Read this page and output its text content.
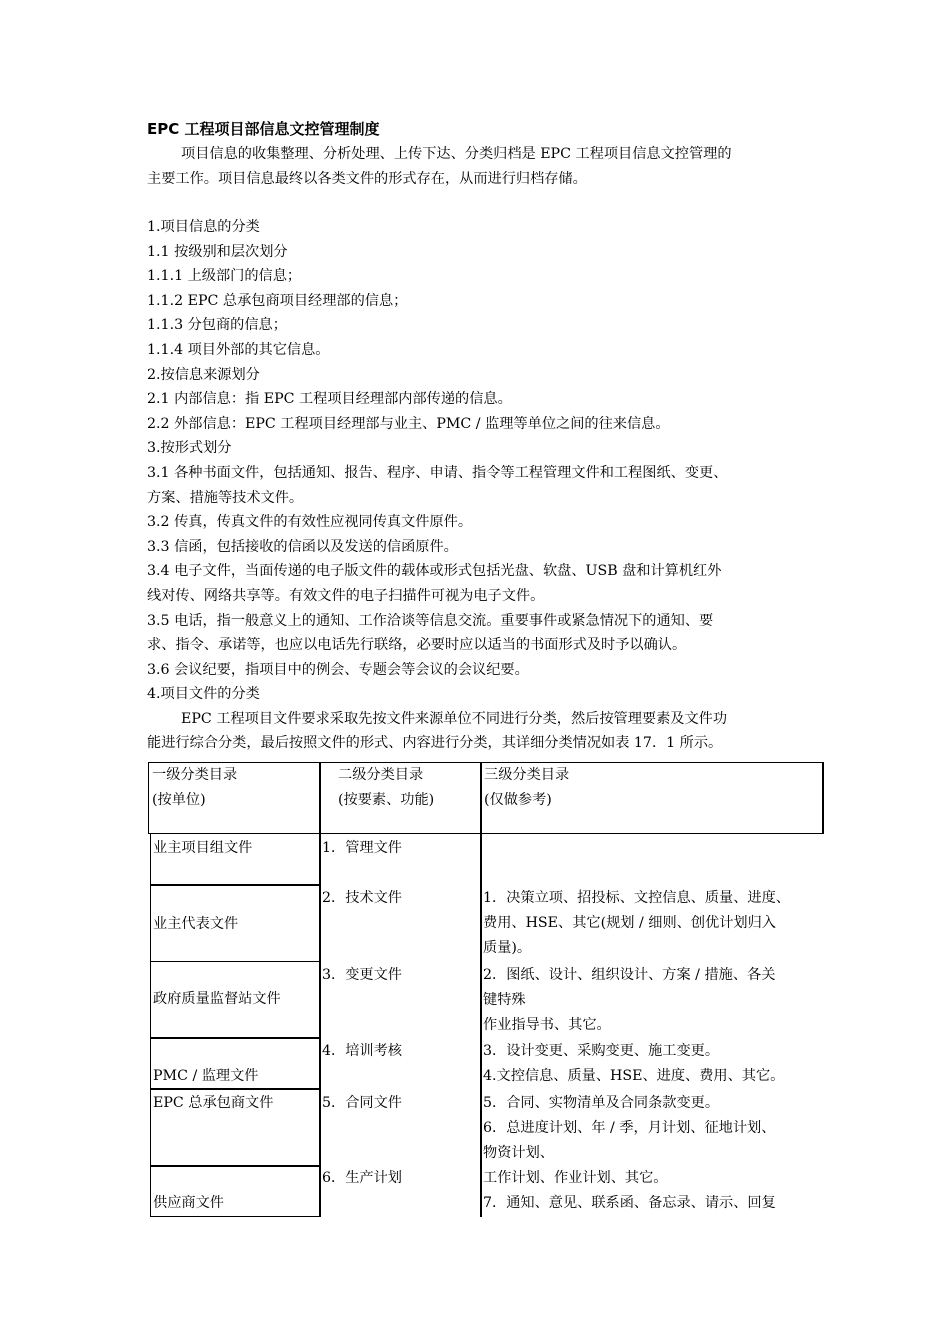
EPC 工程项目部信息文控管理制度
项目信息的收集整理、分析处理、上传下达、分类归档是 EPC 工程项目信息文控管理的
主要工作。项目信息最终以各类文件的形式存在，从而进行归档存储。
1.项目信息的分类
1.1 按级别和层次划分
1.1.1 上级部门的信息；
1.1.2 EPC 总承包商项目经理部的信息；
1.1.3 分包商的信息；
1.1.4 项目外部的其它信息。
2.按信息来源划分
2.1 内部信息：指 EPC 工程项目经理部内部传递的信息。
2.2 外部信息：EPC 工程项目经理部与业主、PMC / 监理等单位之间的往来信息。
3.按形式划分
3.1 各种书面文件，包括通知、报告、程序、申请、指令等工程管理文件和工程图纸、变更、
方案、措施等技术文件。
3.2 传真，传真文件的有效性应视同传真文件原件。
3.3 信函，包括接收的信函以及发送的信函原件。
3.4 电子文件，当面传递的电子版文件的载体或形式包括光盘、软盘、USB 盘和计算机红外
线对传、网络共享等。有效文件的电子扫描件可视为电子文件。
3.5 电话，指一般意义上的通知、工作洽谈等信息交流。重要事件或紧急情况下的通知、要
求、指令、承诺等，也应以电话先行联络，必要时应以适当的书面形式及时予以确认。
3.6 会议纪要，指项目中的例会、专题会等会议的会议纪要。
4.项目文件的分类
EPC 工程项目文件要求采取先按文件来源单位不同进行分类，然后按管理要素及文件功
能进行综合分类，最后按照文件的形式、内容进行分类，其详细分类情况如表 17．1 所示。
一级分类目录
(按单位)
二级分类目录
(按要素、功能)
三级分类目录
(仅做参考)
业主项目组文件
业主代表文件
政府质量监督站文件
PMC / 监理文件
EPC 总承包商文件
供应商文件
1．管理文件
2．技术文件
3．变更文件
4．培训考核
5．合同文件
6．生产计划
1．决策立项、招投标、文控信息、质量、进度、
费用、HSE、其它(规划 / 细则、创优计划归入
质量)。
2．图纸、设计、组织设计、方案 / 措施、各关
键特殊
作业指导书、其它。
3．设计变更、采购变更、施工变更。
4.文控信息、质量、HSE、进度、费用、其它。
5．合同、实物清单及合同条款变更。
6．总进度计划、年 / 季，月计划、征地计划、
物资计划、
工作计划、作业计划、其它。
7．通知、意见、联系函、备忘录、请示、回复
